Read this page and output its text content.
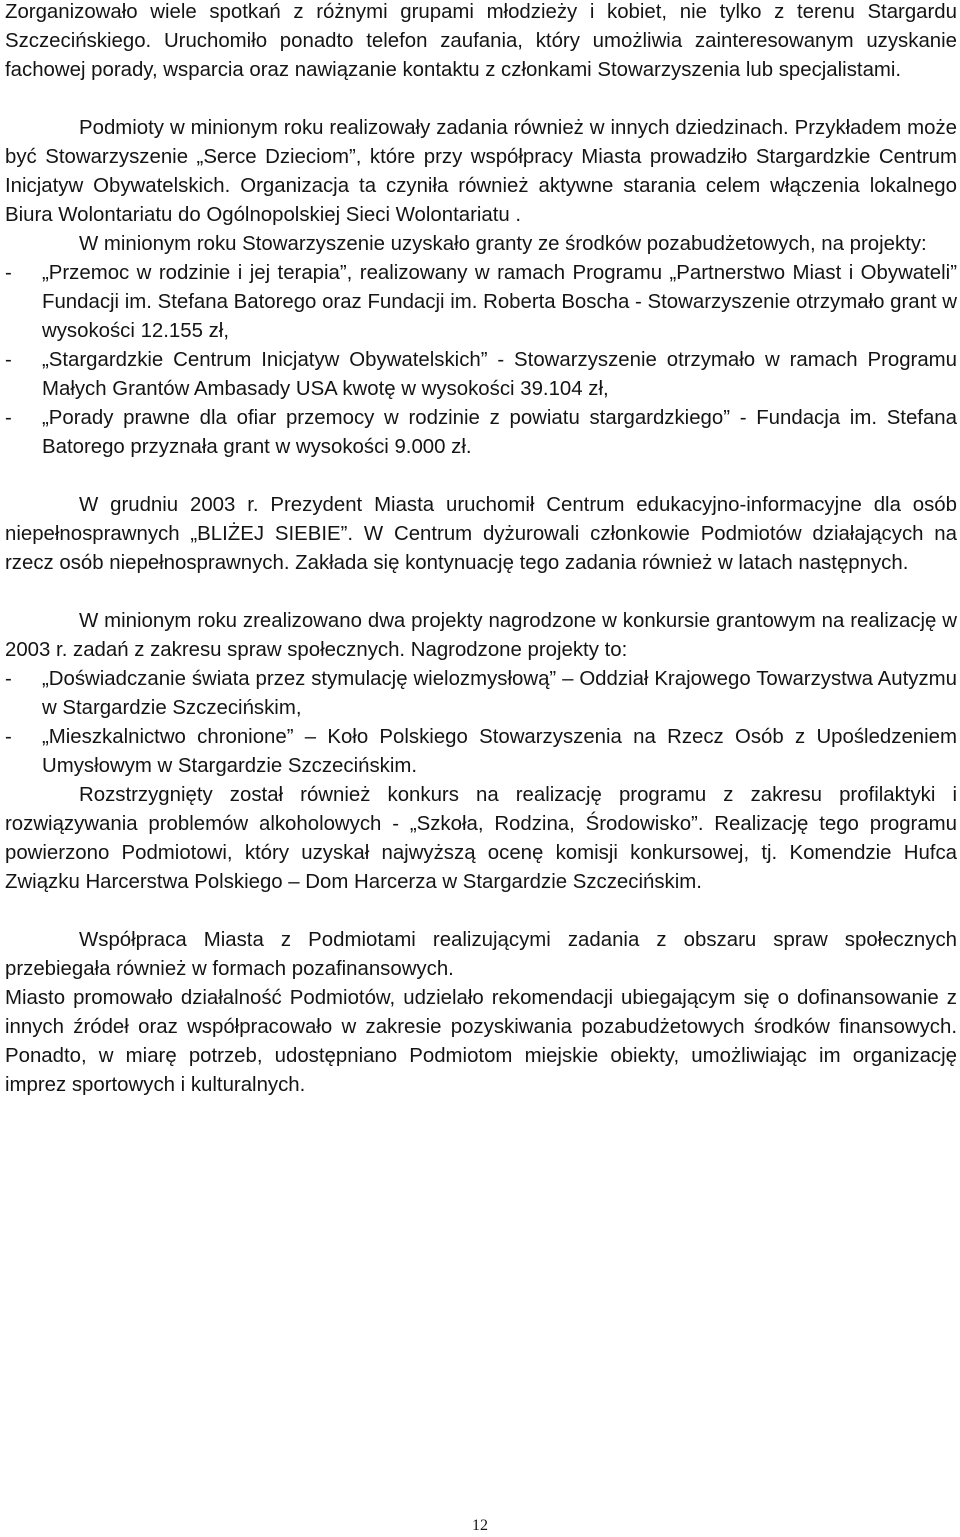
Zorganizowało wiele spotkań z różnymi grupami młodzieży i kobiet, nie tylko z terenu Stargardu Szczecińskiego. Uruchomiło ponadto telefon zaufania, który umożliwia zainteresowanym uzyskanie fachowej porady, wsparcia oraz nawiązanie kontaktu z członkami Stowarzyszenia lub specjalistami.

Podmioty w minionym roku realizowały zadania również w innych dziedzinach. Przykładem może być Stowarzyszenie „Serce Dzieciom”, które przy współpracy Miasta prowadziło Stargardzkie Centrum Inicjatyw Obywatelskich. Organizacja ta czyniła również aktywne starania celem włączenia lokalnego Biura Wolontariatu do Ogólnopolskiej Sieci Wolontariatu .

W minionym roku Stowarzyszenie uzyskało granty ze środków pozabudżetowych, na projekty:

-	„Przemoc w rodzinie i jej terapia”, realizowany w ramach Programu „Partnerstwo Miast i Obywateli” Fundacji im. Stefana Batorego oraz Fundacji im. Roberta Boscha - Stowarzyszenie otrzymało grant w wysokości 12.155 zł,
-	„Stargardzkie Centrum Inicjatyw Obywatelskich” - Stowarzyszenie otrzymało w ramach Programu Małych Grantów Ambasady USA kwotę w wysokości 39.104 zł,
-	„Porady prawne dla ofiar przemocy w rodzinie z powiatu stargardzkiego” - Fundacja im. Stefana Batorego przyznała grant w wysokości 9.000 zł.

W grudniu 2003 r. Prezydent Miasta uruchomił Centrum edukacyjno-informacyjne dla osób niepełnosprawnych „BLIŻEJ SIEBIE”. W Centrum dyżurowali członkowie Podmiotów działających na rzecz osób niepełnosprawnych. Zakłada się kontynuację tego zadania również w latach następnych.

W minionym roku zrealizowano dwa projekty nagrodzone w konkursie grantowym na realizację w 2003 r. zadań z zakresu spraw społecznych. Nagrodzone projekty to:

-	„Doświadczanie świata przez stymulację wielozmysłową” – Oddział Krajowego Towarzystwa Autyzmu w Stargardzie Szczecińskim,
-	„Mieszkalnictwo chronione” – Koło Polskiego Stowarzyszenia na Rzecz Osób z Upośledzeniem Umysłowym w Stargardzie Szczecińskim.

Rozstrzygnięty został również konkurs na realizację programu z zakresu profilaktyki i rozwiązywania problemów alkoholowych - „Szkoła, Rodzina, Środowisko”. Realizację tego programu powierzono Podmiotowi, który uzyskał najwyższą ocenę komisji konkursowej, tj. Komendzie Hufca Związku Harcerstwa Polskiego – Dom Harcerza w Stargardzie Szczecińskim.

Współpraca Miasta z Podmiotami realizującymi zadania z obszaru spraw społecznych przebiegała również w formach pozafinansowych.

Miasto promowało działalność Podmiotów, udzielało rekomendacji ubiegającym się o dofinansowanie z innych źródeł oraz współpracowało w zakresie pozyskiwania pozabudżetowych środków finansowych. Ponadto, w miarę potrzeb, udostępniano Podmiotom miejskie obiekty, umożliwiając im organizację imprez sportowych i kulturalnych.

12
